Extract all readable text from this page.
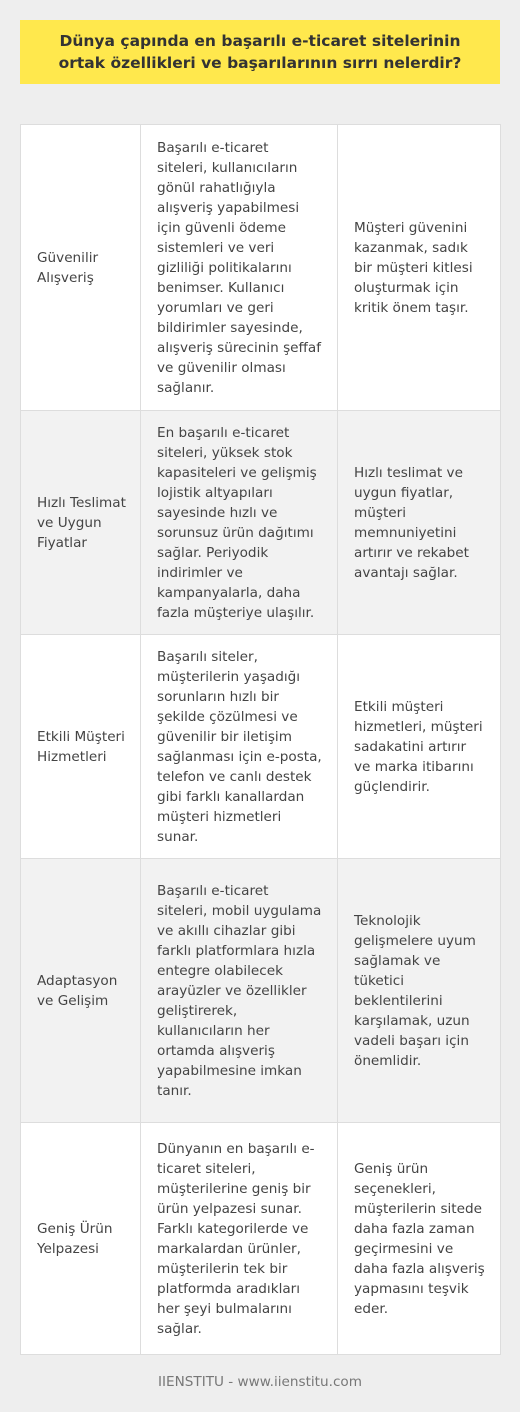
Dünya çapında en başarılı e-ticaret sitelerinin ortak özellikleri ve başarılarının sırrı nelerdir?
Güvenilir Alışveriş	Başarılı e-ticaret siteleri, kullanıcıların gönül rahatlığıyla alışveriş yapabilmesi için güvenli ödeme sistemleri ve veri gizliliği politikalarını benimser. Kullanıcı yorumları ve geri bildirimler sayesinde, alışveriş sürecinin şeffaf ve güvenilir olması sağlanır.	Müşteri güvenini kazanmak, sadık bir müşteri kitlesi oluşturmak için kritik önem taşır.
Hızlı Teslimat ve Uygun Fiyatlar	En başarılı e-ticaret siteleri, yüksek stok kapasiteleri ve gelişmiş lojistik altyapıları sayesinde hızlı ve sorunsuz ürün dağıtımı sağlar. Periyodik indirimler ve kampanyalarla, daha fazla müşteriye ulaşılır.	Hızlı teslimat ve uygun fiyatlar, müşteri memnuniyetini artırır ve rekabet avantajı sağlar.
Etkili Müşteri Hizmetleri	Başarılı siteler, müşterilerin yaşadığı sorunların hızlı bir şekilde çözülmesi ve güvenilir bir iletişim sağlanması için e-posta, telefon ve canlı destek gibi farklı kanallardan müşteri hizmetleri sunar.	Etkili müşteri hizmetleri, müşteri sadakatini artırır ve marka itibarını güçlendirir.
Adaptasyon ve Gelişim	Başarılı e-ticaret siteleri, mobil uygulama ve akıllı cihazlar gibi farklı platformlara hızla entegre olabilecek arayüzler ve özellikler geliştirerek, kullanıcıların her ortamda alışveriş yapabilmesine imkan tanır.	Teknolojik gelişmelere uyum sağlamak ve tüketici beklentilerini karşılamak, uzun vadeli başarı için önemlidir.
Geniş Ürün Yelpazesi	Dünyanın en başarılı e-ticaret siteleri, müşterilerine geniş bir ürün yelpazesi sunar. Farklı kategorilerde ve markalardan ürünler, müşterilerin tek bir platformda aradıkları her şeyi bulmalarını sağlar.	Geniş ürün seçenekleri, müşterilerin sitede daha fazla zaman geçirmesini ve daha fazla alışveriş yapmasını teşvik eder.
IIENSTITU - www.iienstitu.com
